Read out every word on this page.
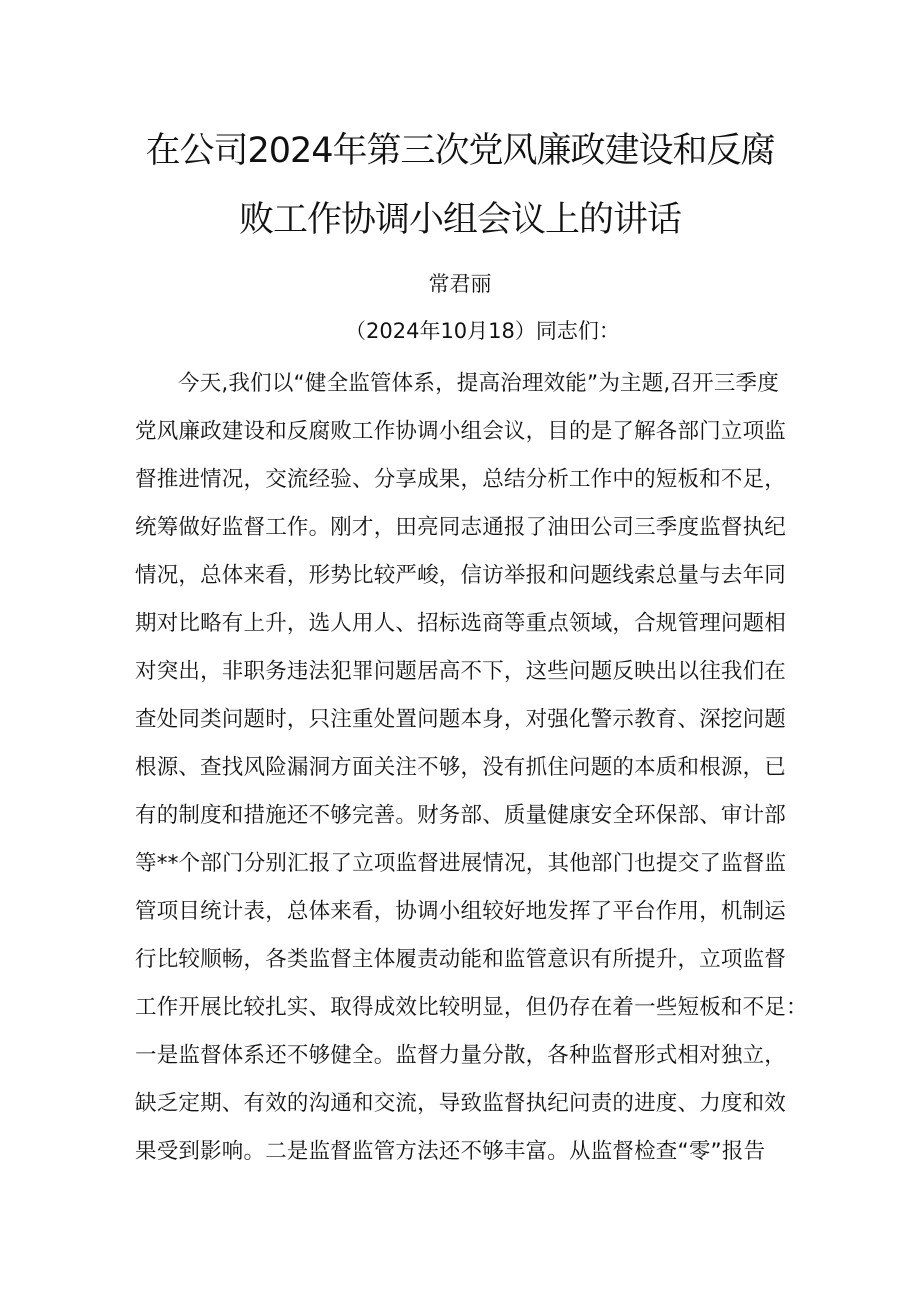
在公司2024年第三次党风廉政建设和反腐
败工作协调小组会议上的讲话
常君丽
（2024年10月18）同志们：
今天,我们以“健全监管体系，提高治理效能”为主题,召开三季度
党风廉政建设和反腐败工作协调小组会议，目的是了解各部门立项监
督推进情况，交流经验、分享成果，总结分析工作中的短板和不足，
统筹做好监督工作。刚才，田亮同志通报了油田公司三季度监督执纪
情况，总体来看，形势比较严峻，信访举报和问题线索总量与去年同
期对比略有上升，选人用人、招标选商等重点领域，合规管理问题相
对突出，非职务违法犯罪问题居高不下，这些问题反映出以往我们在
查处同类问题时，只注重处置问题本身，对强化警示教育、深挖问题
根源、查找风险漏洞方面关注不够，没有抓住问题的本质和根源，已
有的制度和措施还不够完善。财务部、质量健康安全环保部、审计部
等**个部门分别汇报了立项监督进展情况，其他部门也提交了监督监
管项目统计表，总体来看，协调小组较好地发挥了平台作用，机制运
行比较顺畅，各类监督主体履责动能和监管意识有所提升，立项监督
工作开展比较扎实、取得成效比较明显，但仍存在着一些短板和不足：
一是监督体系还不够健全。监督力量分散，各种监督形式相对独立，
缺乏定期、有效的沟通和交流，导致监督执纪问责的进度、力度和效
果受到影响。二是监督监管方法还不够丰富。从监督检查“零”报告
